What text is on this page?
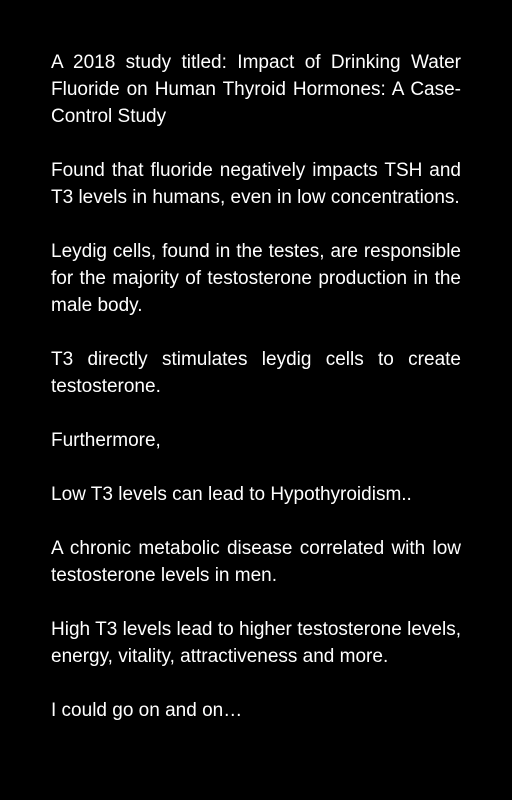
A 2018 study titled: Impact of Drinking Water Fluoride on Human Thyroid Hormones: A Case-Control Study

Found that fluoride negatively impacts TSH and T3 levels in humans, even in low concentrations.

Leydig cells, found in the testes, are responsible for the majority of testosterone production in the male body.

T3 directly stimulates leydig cells to create testosterone.

Furthermore,

Low T3 levels can lead to Hypothyroidism..

A chronic metabolic disease correlated with low testosterone levels in men.

High T3 levels lead to higher testosterone levels, energy, vitality, attractiveness and more.

I could go on and on…
